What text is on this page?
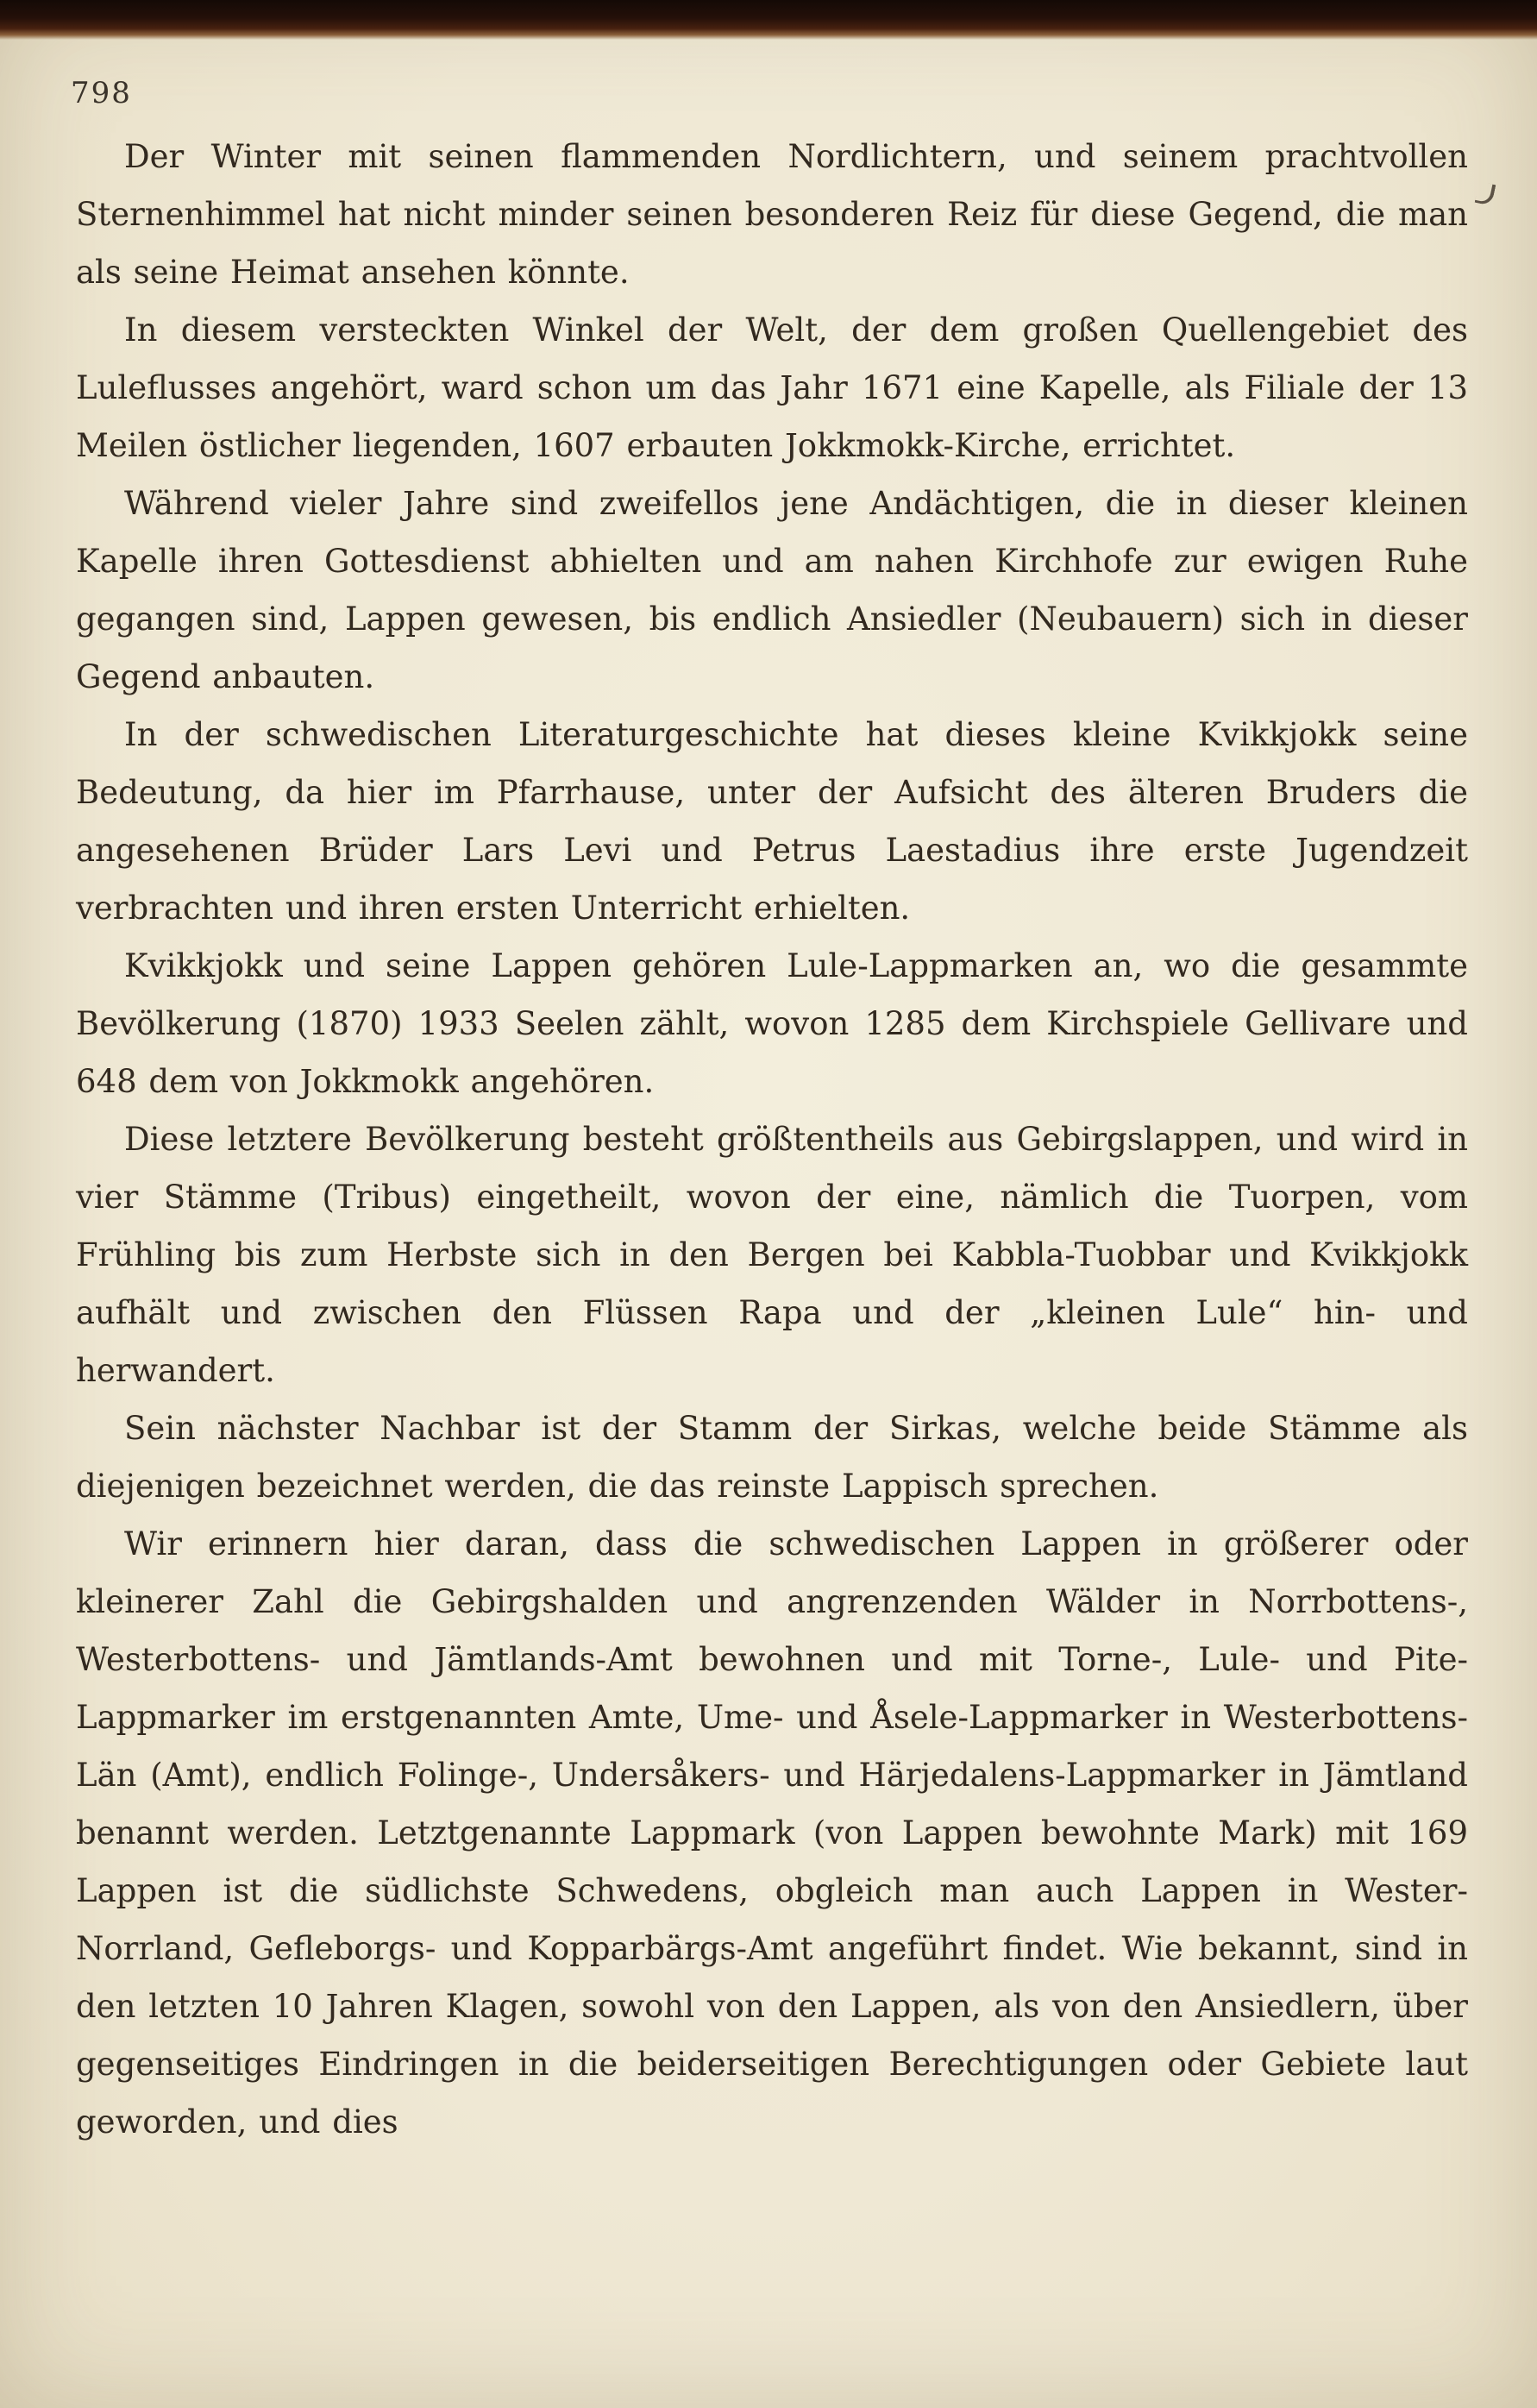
798

Der Winter mit seinen flammenden Nordlichtern, und seinem prachtvollen Sternenhimmel hat nicht minder seinen besonderen Reiz für diese Gegend, die man als seine Heimat ansehen könnte.

In diesem versteckten Winkel der Welt, der dem großen Quellengebiet des Luleflusses angehört, ward schon um das Jahr 1671 eine Kapelle, als Filiale der 13 Meilen östlicher liegenden, 1607 erbauten Jokkmokk-Kirche, errichtet.

Während vieler Jahre sind zweifellos jene Andächtigen, die in dieser kleinen Kapelle ihren Gottesdienst abhielten und am nahen Kirchhofe zur ewigen Ruhe gegangen sind, Lappen gewesen, bis endlich Ansiedler (Neubauern) sich in dieser Gegend anbauten.

In der schwedischen Literaturgeschichte hat dieses kleine Kvikkjokk seine Bedeutung, da hier im Pfarrhause, unter der Aufsicht des älteren Bruders die angesehenen Brüder Lars Levi und Petrus Laestadius ihre erste Jugendzeit verbrachten und ihren ersten Unterricht erhielten.

Kvikkjokk und seine Lappen gehören Lule-Lappmarken an, wo die gesammte Bevölkerung (1870) 1933 Seelen zählt, wovon 1285 dem Kirchspiele Gellivare und 648 dem von Jokkmokk angehören.

Diese letztere Bevölkerung besteht größtentheils aus Gebirgslappen, und wird in vier Stämme (Tribus) eingetheilt, wovon der eine, nämlich die Tuorpen, vom Frühling bis zum Herbste sich in den Bergen bei Kabbla-Tuobbar und Kvikkjokk aufhält und zwischen den Flüssen Rapa und der „kleinen Lule“ hin- und herwandert.

Sein nächster Nachbar ist der Stamm der Sirkas, welche beide Stämme als diejenigen bezeichnet werden, die das reinste Lappisch sprechen.

Wir erinnern hier daran, dass die schwedischen Lappen in größerer oder kleinerer Zahl die Gebirgshalden und angrenzenden Wälder in Norrbottens-, Westerbottens- und Jämtlands-Amt bewohnen und mit Torne-, Lule- und Pite-Lappmarker im erstgenannten Amte, Ume- und Åsele-Lappmarker in Westerbottens-Län (Amt), endlich Folinge-, Undersåkers- und Härjedalens-Lappmarker in Jämtland benannt werden. Letztgenannte Lappmark (von Lappen bewohnte Mark) mit 169 Lappen ist die südlichste Schwedens, obgleich man auch Lappen in Wester-Norrland, Gefleborgs- und Kopparbärgs-Amt angeführt findet. Wie bekannt, sind in den letzten 10 Jahren Klagen, sowohl von den Lappen, als von den Ansiedlern, über gegenseitiges Eindringen in die beiderseitigen Berechtigungen oder Gebiete laut geworden, und dies
